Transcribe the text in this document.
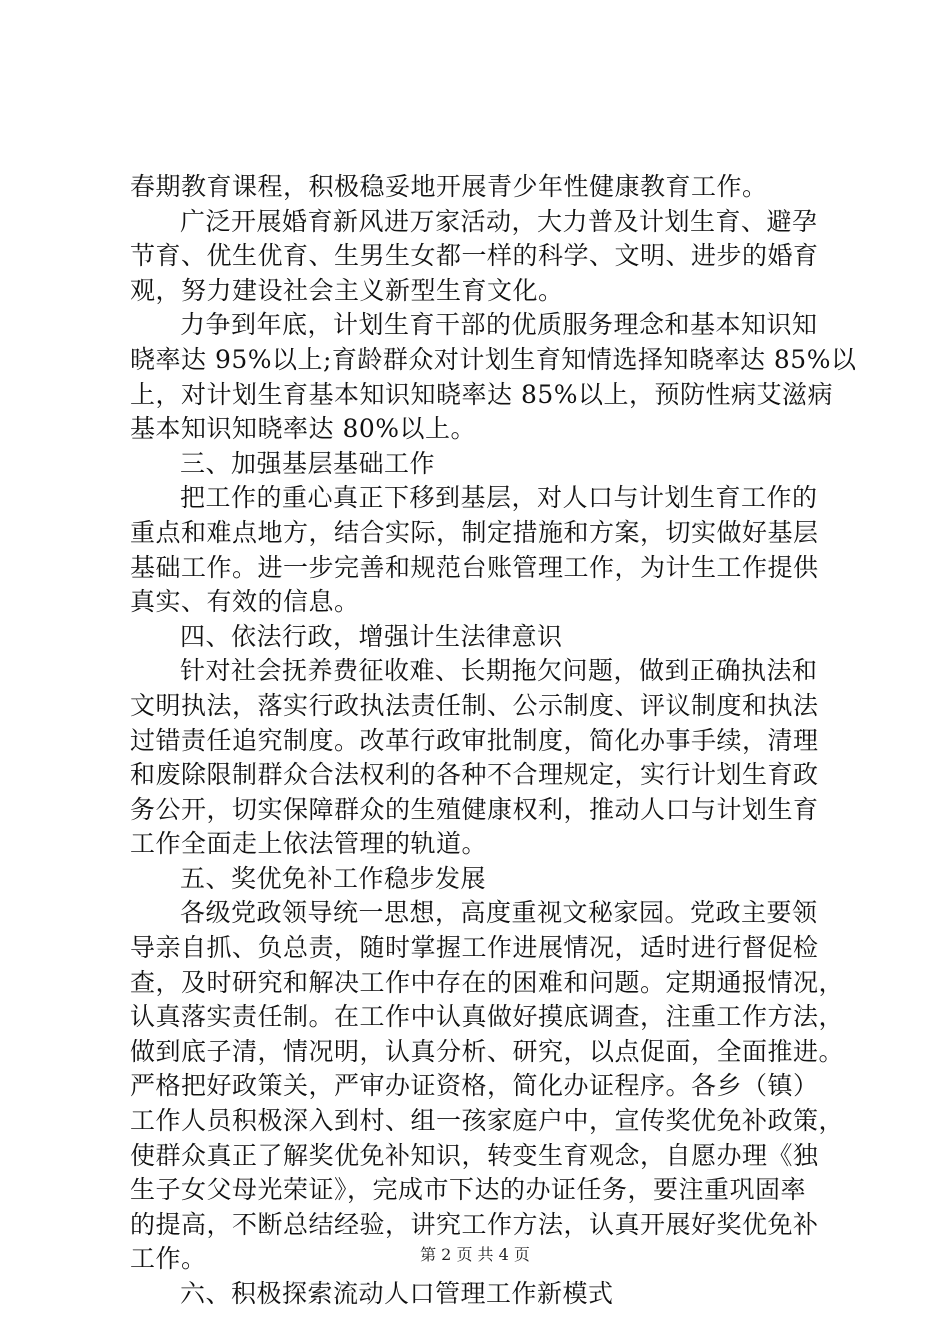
春期教育课程，积极稳妥地开展青少年性健康教育工作。
广泛开展婚育新风进万家活动，大力普及计划生育、避孕
节育、优生优育、生男生女都一样的科学、文明、进步的婚育
观，努力建设社会主义新型生育文化。
力争到年底，计划生育干部的优质服务理念和基本知识知
晓率达 95%以上;育龄群众对计划生育知情选择知晓率达 85%以
上，对计划生育基本知识知晓率达 85%以上，预防性病艾滋病
基本知识知晓率达 80%以上。
三、加强基层基础工作
把工作的重心真正下移到基层，对人口与计划生育工作的
重点和难点地方，结合实际，制定措施和方案，切实做好基层
基础工作。进一步完善和规范台账管理工作，为计生工作提供
真实、有效的信息。
四、依法行政，增强计生法律意识
针对社会抚养费征收难、长期拖欠问题，做到正确执法和
文明执法，落实行政执法责任制、公示制度、评议制度和执法
过错责任追究制度。改革行政审批制度，简化办事手续，清理
和废除限制群众合法权利的各种不合理规定，实行计划生育政
务公开，切实保障群众的生殖健康权利，推动人口与计划生育
工作全面走上依法管理的轨道。
五、奖优免补工作稳步发展
各级党政领导统一思想，高度重视文秘家园。党政主要领
导亲自抓、负总责，随时掌握工作进展情况，适时进行督促检
查，及时研究和解决工作中存在的困难和问题。定期通报情况，
认真落实责任制。在工作中认真做好摸底调查，注重工作方法，
做到底子清，情况明，认真分析、研究，以点促面，全面推进。
严格把好政策关，严审办证资格，简化办证程序。各乡（镇）
工作人员积极深入到村、组一孩家庭户中，宣传奖优免补政策，
使群众真正了解奖优免补知识，转变生育观念，自愿办理《独
生子女父母光荣证》，完成市下达的办证任务，要注重巩固率
的提高，不断总结经验，讲究工作方法，认真开展好奖优免补
工作。
六、积极探索流动人口管理工作新模式
第 2 页 共 4 页
